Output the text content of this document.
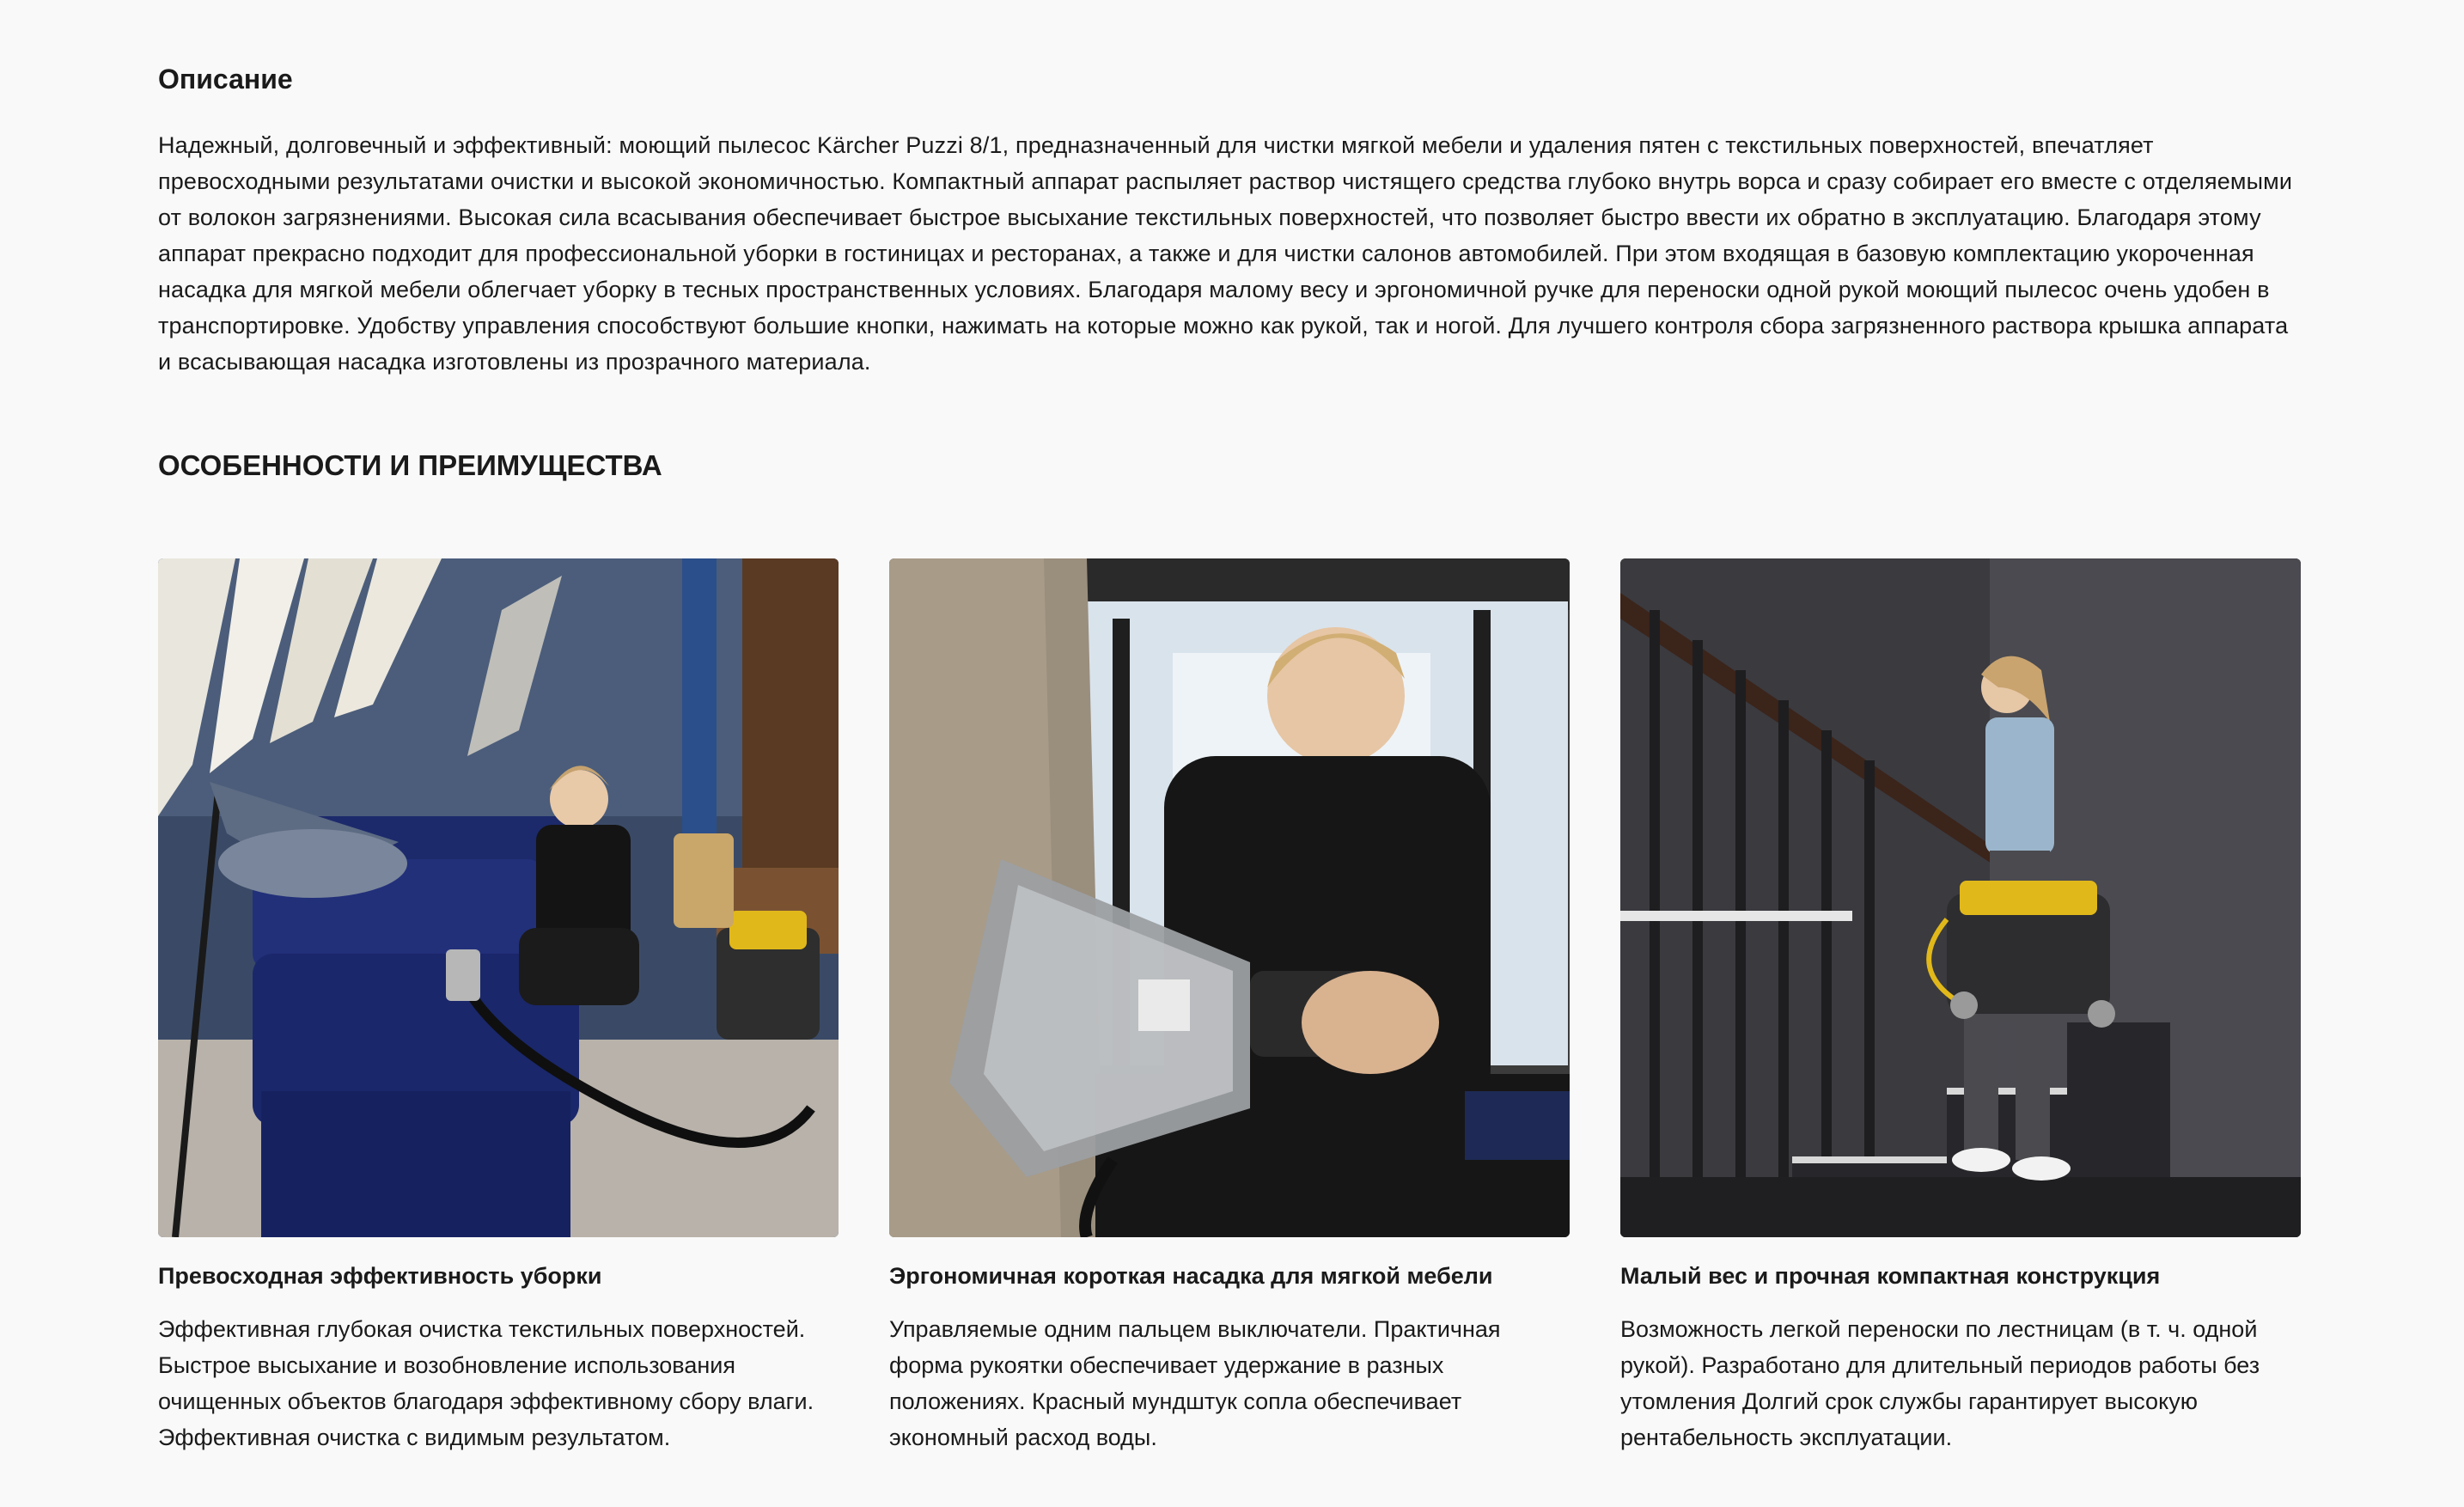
Описание

Надежный, долговечный и эффективный: моющий пылесос Kärcher Puzzi 8/1, предназначенный для чистки мягкой мебели и удаления пятен с текстильных поверхностей, впечатляет превосходными результатами очистки и высокой экономичностью. Компактный аппарат распыляет раствор чистящего средства глубоко внутрь ворса и сразу собирает его вместе с отделяемыми от волокон загрязнениями. Высокая сила всасывания обеспечивает быстрое высыхание текстильных поверхностей, что позволяет быстро ввести их обратно в эксплуатацию. Благодаря этому аппарат прекрасно подходит для профессиональной уборки в гостиницах и ресторанах, а также и для чистки салонов автомобилей. При этом входящая в базовую комплектацию укороченная насадка для мягкой мебели облегчает уборку в тесных пространственных условиях. Благодаря малому весу и эргономичной ручке для переноски одной рукой моющий пылесос очень удобен в транспортировке. Удобству управления способствуют большие кнопки, нажимать на которые можно как рукой, так и ногой. Для лучшего контроля сбора загрязненного раствора крышка аппарата и всасывающая насадка изготовлены из прозрачного материала.

ОСОБЕННОСТИ И ПРЕИМУЩЕСТВА
Превосходная эффективность уборки

Эффективная глубокая очистка текстильных поверхностей. Быстрое высыхание и возобновление использования очищенных объектов благодаря эффективному сбору влаги. Эффективная очистка с видимым результатом.

Эргономичная короткая насадка для мягкой мебели

Управляемые одним пальцем выключатели. Практичная форма рукоятки обеспечивает удержание в разных положениях. Красный мундштук сопла обеспечивает экономный расход воды.

Малый вес и прочная компактная конструкция

Возможность легкой переноски по лестницам (в т. ч. одной рукой). Разработано для длительный периодов работы без утомления Долгий срок службы гарантирует высокую рентабельность эксплуатации.
